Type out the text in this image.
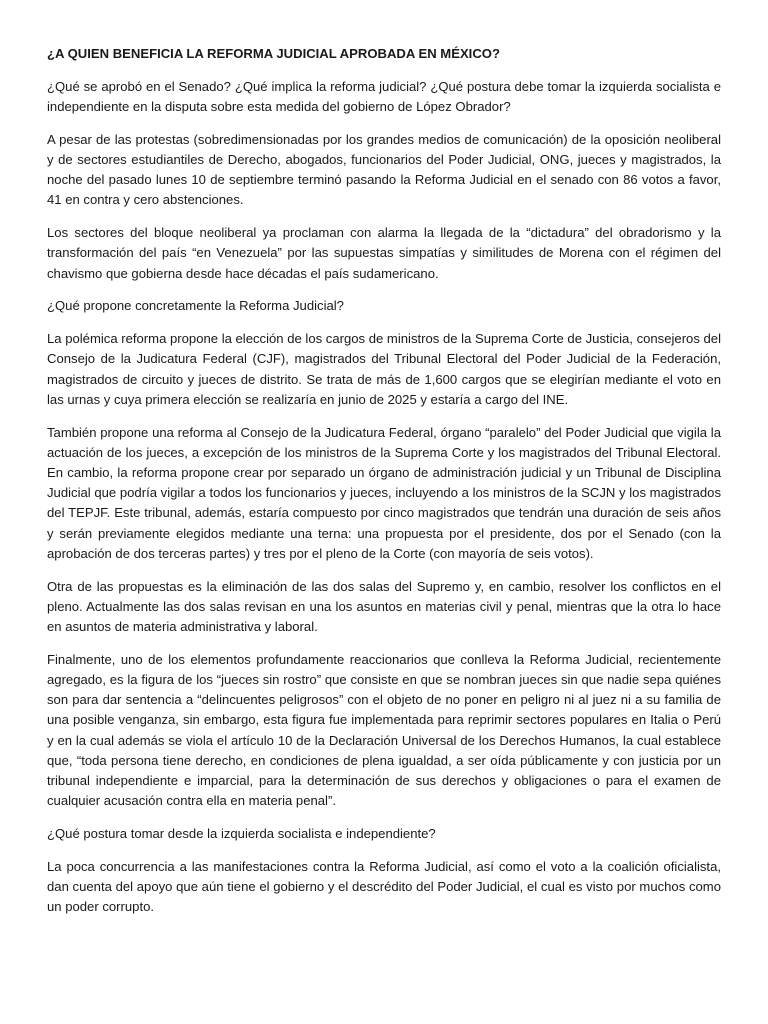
¿A QUIEN BENEFICIA LA REFORMA JUDICIAL APROBADA EN MÉXICO?

¿Qué se aprobó en el Senado? ¿Qué implica la reforma judicial? ¿Qué postura debe tomar la izquierda socialista e independiente en la disputa sobre esta medida del gobierno de López Obrador?

A pesar de las protestas (sobredimensionadas por los grandes medios de comunicación) de la oposición neoliberal y de sectores estudiantiles de Derecho, abogados, funcionarios del Poder Judicial, ONG, jueces y magistrados, la noche del pasado lunes 10 de septiembre terminó pasando la Reforma Judicial en el senado con 86 votos a favor, 41 en contra y cero abstenciones.

Los sectores del bloque neoliberal ya proclaman con alarma la llegada de la “dictadura” del obradorismo y la transformación del país “en Venezuela” por las supuestas simpatías y similitudes de Morena con el régimen del chavismo que gobierna desde hace décadas el país sudamericano.

¿Qué propone concretamente la Reforma Judicial?

La polémica reforma propone la elección de los cargos de ministros de la Suprema Corte de Justicia, consejeros del Consejo de la Judicatura Federal (CJF), magistrados del Tribunal Electoral del Poder Judicial de la Federación, magistrados de circuito y jueces de distrito. Se trata de más de 1,600 cargos que se elegirían mediante el voto en las urnas y cuya primera elección se realizaría en junio de 2025 y estaría a cargo del INE.

También propone una reforma al Consejo de la Judicatura Federal, órgano “paralelo” del Poder Judicial que vigila la actuación de los jueces, a excepción de los ministros de la Suprema Corte y los magistrados del Tribunal Electoral. En cambio, la reforma propone crear por separado un órgano de administración judicial y un Tribunal de Disciplina Judicial que podría vigilar a todos los funcionarios y jueces, incluyendo a los ministros de la SCJN y los magistrados del TEPJF. Este tribunal, además, estaría compuesto por cinco magistrados que tendrán una duración de seis años y serán previamente elegidos mediante una terna: una propuesta por el presidente, dos por el Senado (con la aprobación de dos terceras partes) y tres por el pleno de la Corte (con mayoría de seis votos).

Otra de las propuestas es la eliminación de las dos salas del Supremo y, en cambio, resolver los conflictos en el pleno. Actualmente las dos salas revisan en una los asuntos en materias civil y penal, mientras que la otra lo hace en asuntos de materia administrativa y laboral.

Finalmente, uno de los elementos profundamente reaccionarios que conlleva la Reforma Judicial, recientemente agregado, es la figura de los “jueces sin rostro” que consiste en que se nombran jueces sin que nadie sepa quiénes son para dar sentencia a “delincuentes peligrosos” con el objeto de no poner en peligro ni al juez ni a su familia de una posible venganza, sin embargo, esta figura fue implementada para reprimir sectores populares en Italia o Perú y en la cual además se viola el artículo 10 de la Declaración Universal de los Derechos Humanos, la cual establece que, “toda persona tiene derecho, en condiciones de plena igualdad, a ser oída públicamente y con justicia por un tribunal independiente e imparcial, para la determinación de sus derechos y obligaciones o para el examen de cualquier acusación contra ella en materia penal”.

¿Qué postura tomar desde la izquierda socialista e independiente?

La poca concurrencia a las manifestaciones contra la Reforma Judicial, así como el voto a la coalición oficialista, dan cuenta del apoyo que aún tiene el gobierno y el descrédito del Poder Judicial, el cual es visto por muchos como un poder corrupto.
